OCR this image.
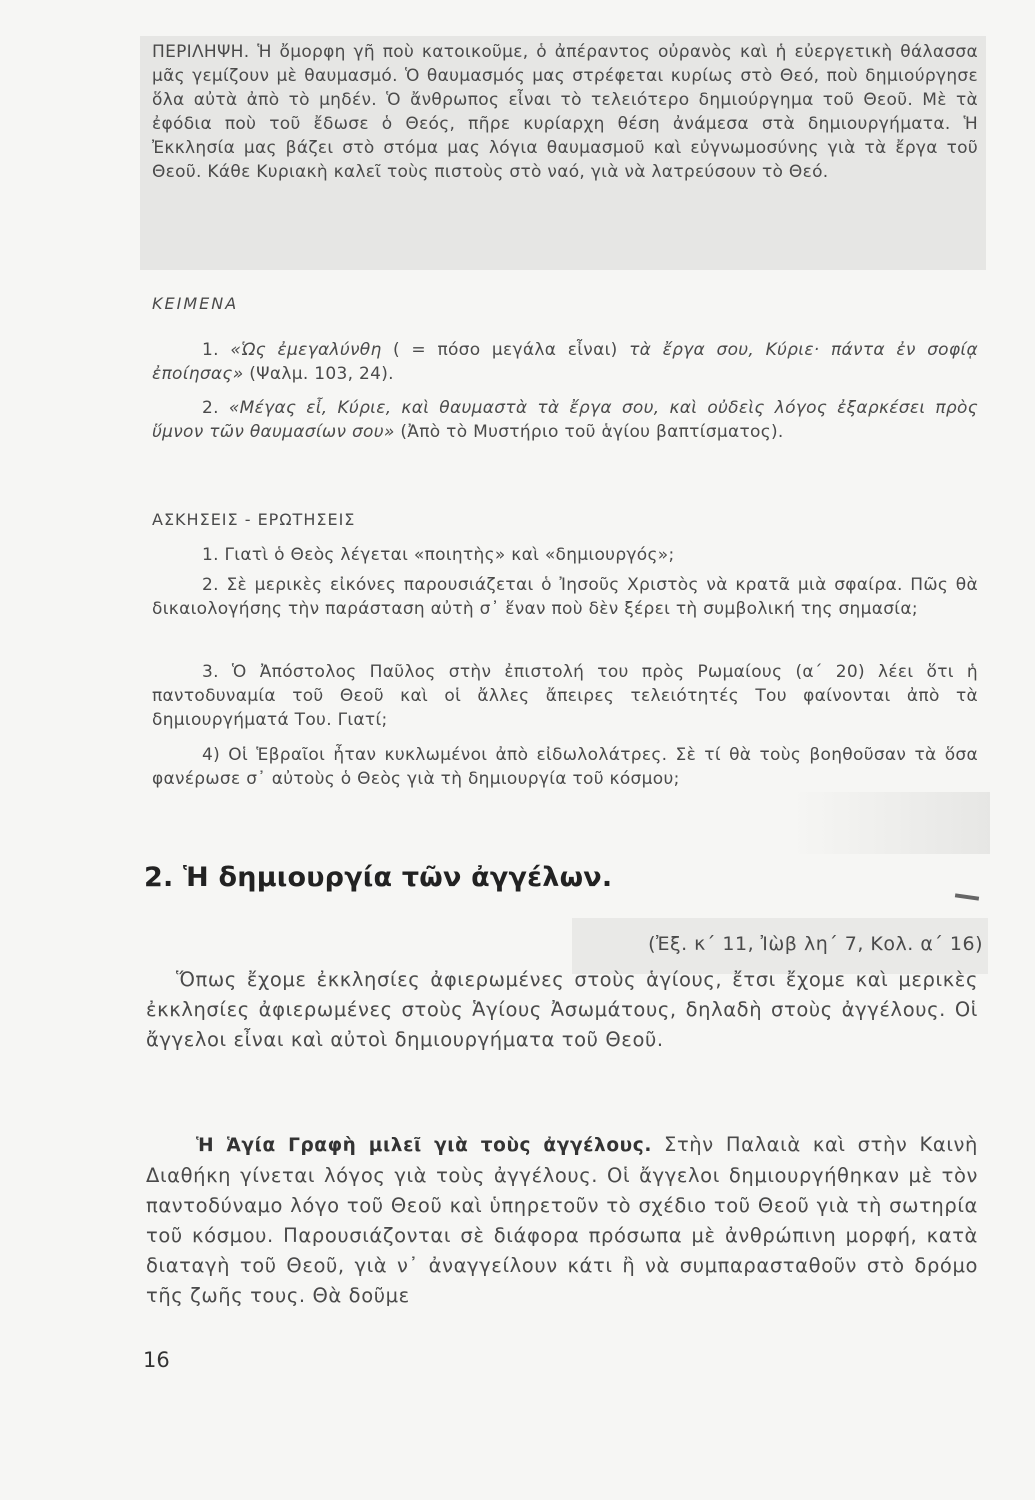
ΠΕΡΙΛΗΨΗ. Ἡ ὄμορφη γῆ ποὺ κατοικοῦμε, ὁ ἀπέραντος οὐρανὸς καὶ ἡ εὐεργετικὴ θάλασσα μᾶς γεμίζουν μὲ θαυμασμό. Ὁ θαυμασμός μας στρέφεται κυρίως στὸ Θεό, ποὺ δημιούργησε ὅλα αὐτὰ ἀπὸ τὸ μηδέν. Ὁ ἄνθρωπος εἶναι τὸ τελειότερο δημιούργημα τοῦ Θεοῦ. Μὲ τὰ ἐφόδια ποὺ τοῦ ἔδωσε ὁ Θεός, πῆρε κυρίαρχη θέση ἀνάμεσα στὰ δημιουργήματα. Ἡ Ἐκκλησία μας βάζει στὸ στόμα μας λόγια θαυμασμοῦ καὶ εὐγνωμοσύνης γιὰ τὰ ἔργα τοῦ Θεοῦ. Κάθε Κυριακὴ καλεῖ τοὺς πιστοὺς στὸ ναό, γιὰ νὰ λατρεύσουν τὸ Θεό.
ΚΕΙΜΕΝΑ
1. «Ὡς ἐμεγαλύνθη ( = πόσο μεγάλα εἶναι) τὰ ἔργα σου, Κύριε· πάντα ἐν σοφίᾳ ἐποίησας» (Ψαλμ. 103, 24).
2. «Μέγας εἶ, Κύριε, καὶ θαυμαστὰ τὰ ἔργα σου, καὶ οὐδεὶς λόγος ἐξαρκέσει πρὸς ὕμνον τῶν θαυμασίων σου» (Ἀπὸ τὸ Μυστήριο τοῦ ἁγίου βαπτίσματος).
ΑΣΚΗΣΕΙΣ - ΕΡΩΤΗΣΕΙΣ
1. Γιατὶ ὁ Θεὸς λέγεται «ποιητὴς» καὶ «δημιουργός»;
2. Σὲ μερικὲς εἰκόνες παρουσιάζεται ὁ Ἰησοῦς Χριστὸς νὰ κρατᾶ μιὰ σφαίρα. Πῶς θὰ δικαιολογήσης τὴν παράσταση αὐτὴ σ᾿ ἕναν ποὺ δὲν ξέρει τὴ συμβολική της σημασία;
3. Ὁ Ἀπόστολος Παῦλος στὴν ἐπιστολή του πρὸς Ρωμαίους (α΄ 20) λέει ὅτι ἡ παντοδυναμία τοῦ Θεοῦ καὶ οἱ ἄλλες ἄπειρες τελειότητές Του φαίνονται ἀπὸ τὰ δημιουργήματά Του. Γιατί;
4) Οἱ Ἑβραῖοι ἦταν κυκλωμένοι ἀπὸ εἰδωλολάτρες. Σὲ τί θὰ τοὺς βοηθοῦσαν τὰ ὅσα φανέρωσε σ᾿ αὐτοὺς ὁ Θεὸς γιὰ τὴ δημιουργία τοῦ κόσμου;
2. Ἡ δημιουργία τῶν ἀγγέλων.
(Ἐξ. κ΄ 11, Ἰὼβ λη΄ 7, Κολ. α΄ 16)
Ὅπως ἔχομε ἐκκλησίες ἀφιερωμένες στοὺς ἁγίους, ἔτσι ἔχομε καὶ μερικὲς ἐκκλησίες ἀφιερωμένες στοὺς Ἁγίους Ἀσωμάτους, δηλαδὴ στοὺς ἀγγέλους. Οἱ ἄγγελοι εἶναι καὶ αὐτοὶ δημιουργήματα τοῦ Θεοῦ.
Ἡ Ἁγία Γραφὴ μιλεῖ γιὰ τοὺς ἀγγέλους. Στὴν Παλαιὰ καὶ στὴν Καινὴ Διαθήκη γίνεται λόγος γιὰ τοὺς ἀγγέλους. Οἱ ἄγγελοι δημιουργήθηκαν μὲ τὸν παντοδύναμο λόγο τοῦ Θεοῦ καὶ ὑπηρετοῦν τὸ σχέδιο τοῦ Θεοῦ γιὰ τὴ σωτηρία τοῦ κόσμου. Παρουσιάζονται σὲ διάφορα πρόσωπα μὲ ἀνθρώπινη μορφή, κατὰ διαταγὴ τοῦ Θεοῦ, γιὰ ν᾿ ἀναγγείλουν κάτι ἢ νὰ συμπαρασταθοῦν στὸ δρόμο τῆς ζωῆς τους. Θὰ δοῦμε
16
